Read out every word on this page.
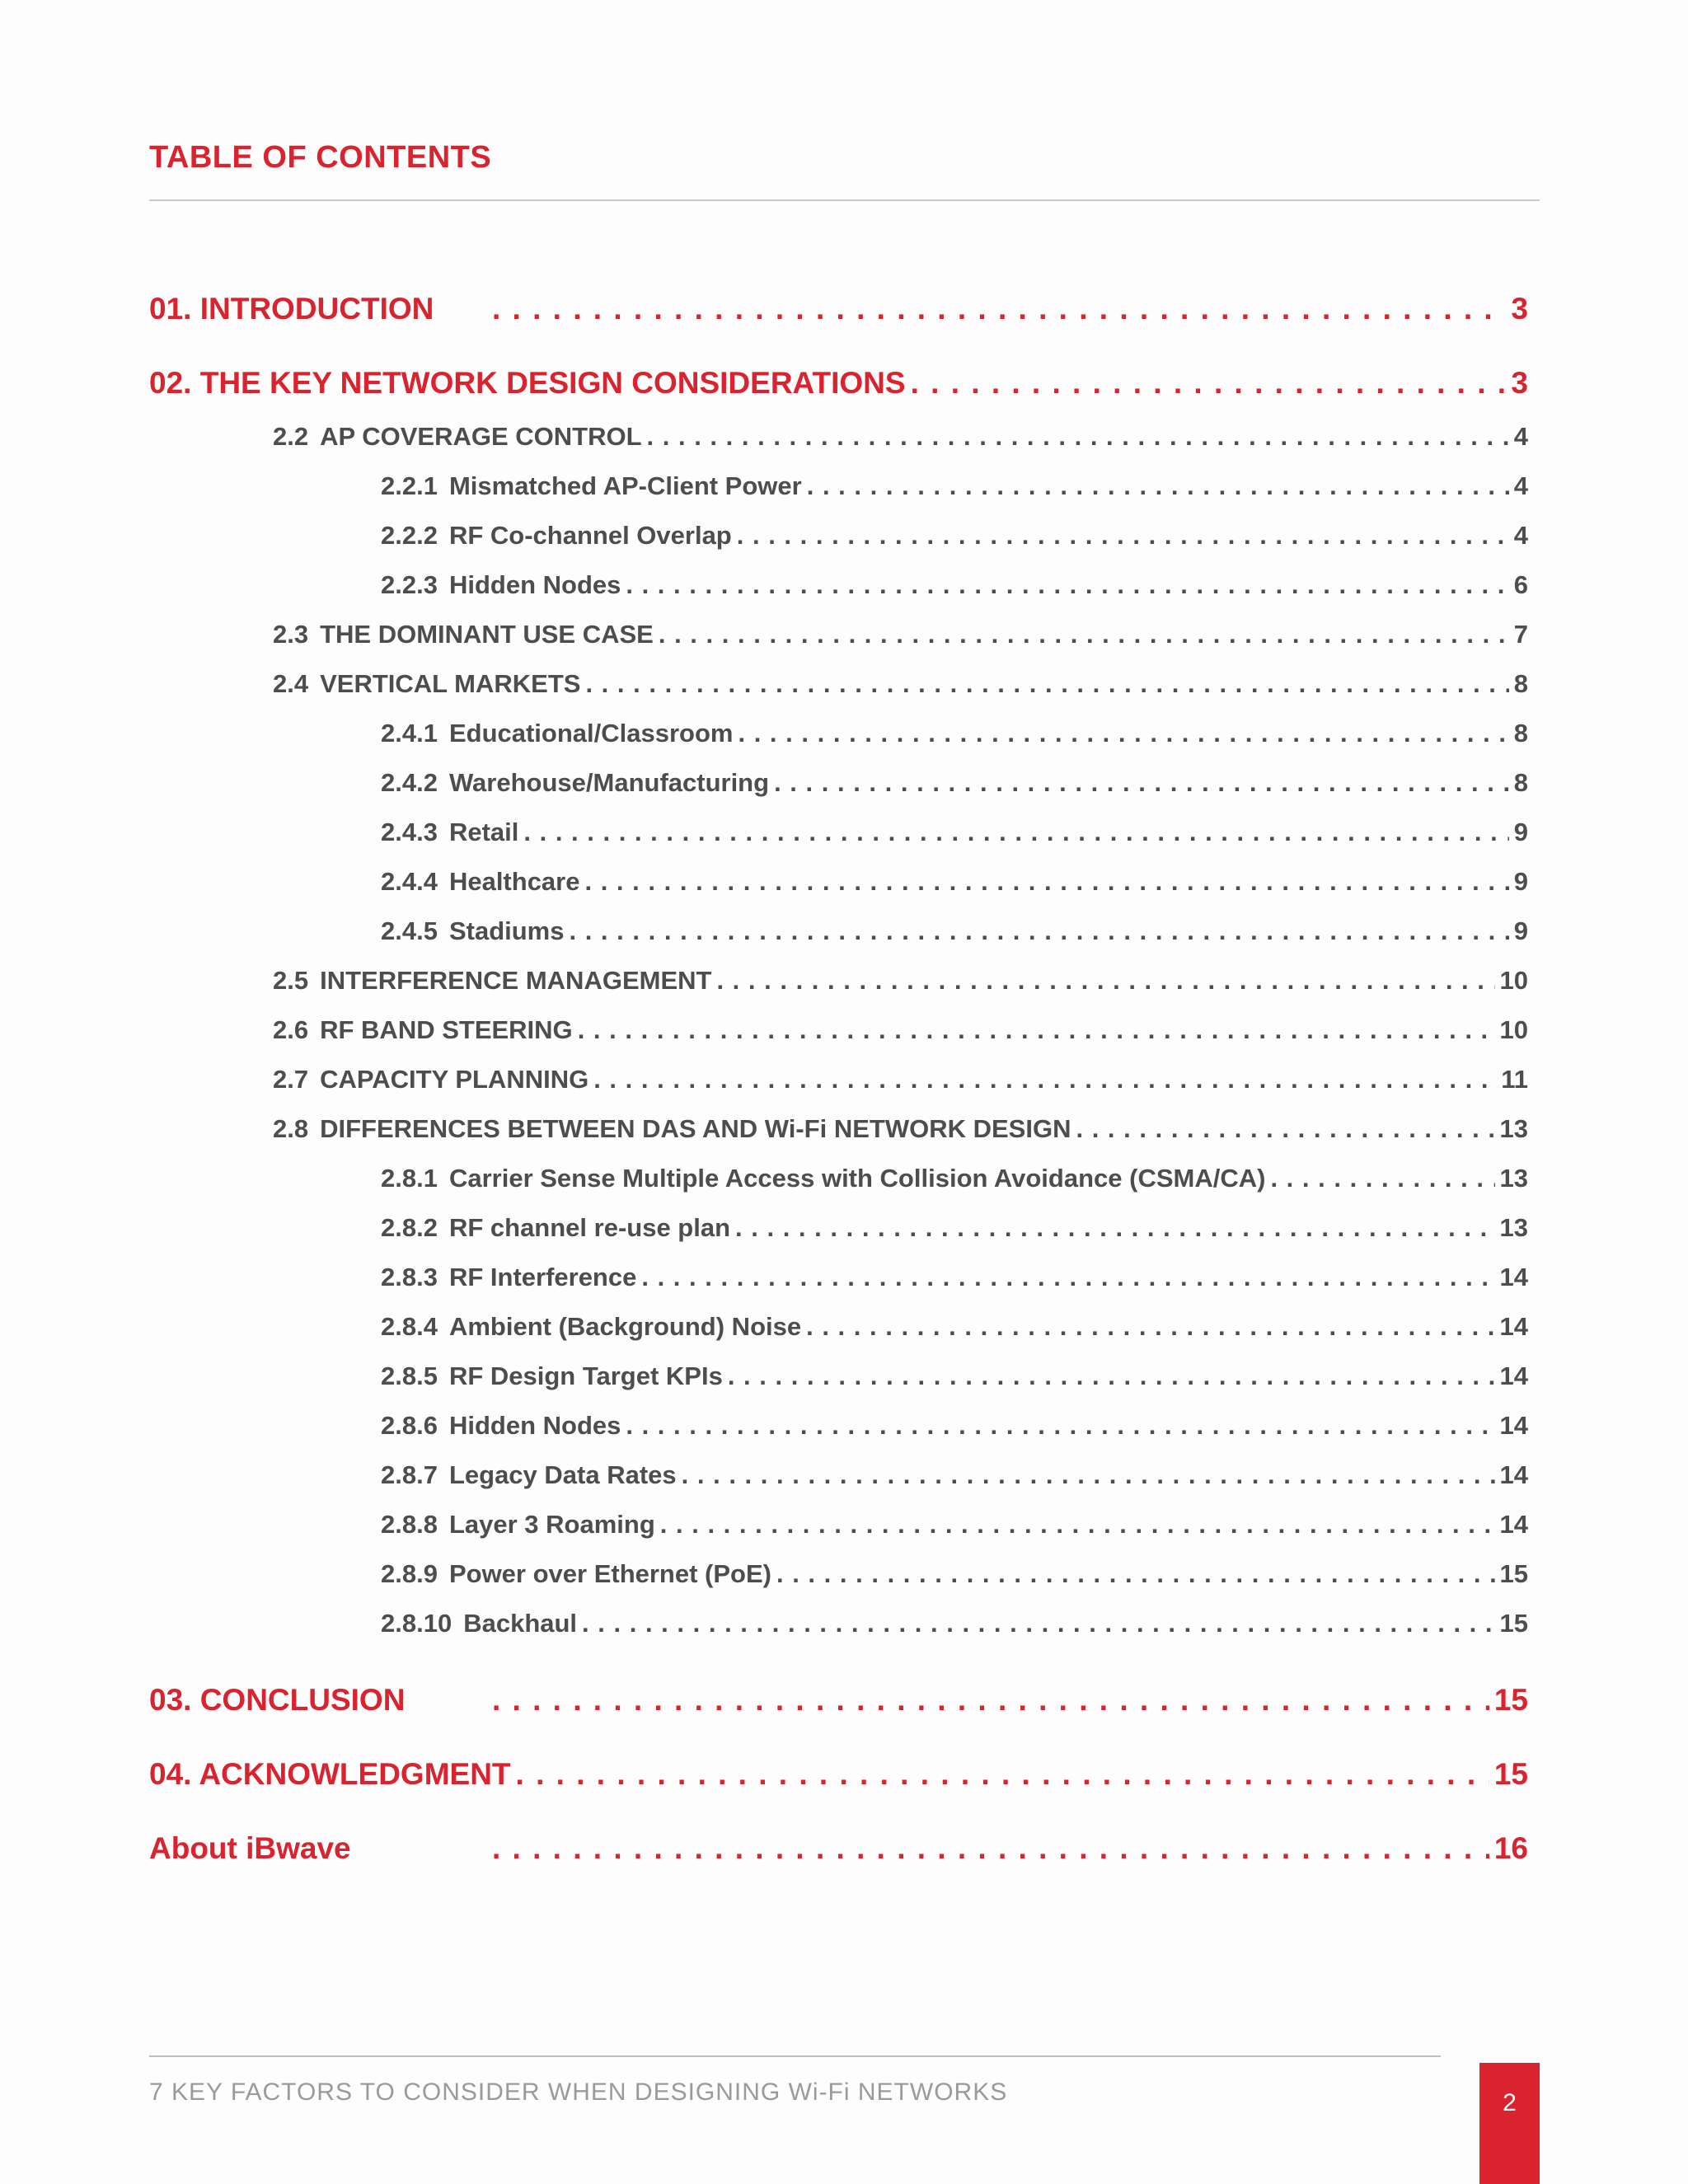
TABLE OF CONTENTS
01. INTRODUCTION . . .	3
02. THE KEY NETWORK DESIGN CONSIDERATIONS . . .	3
2.2 AP COVERAGE CONTROL . . .	4
2.2.1 Mismatched AP-Client Power . . .	4
2.2.2 RF Co-channel Overlap . . .	4
2.2.3 Hidden Nodes . . .	6
2.3 THE DOMINANT USE CASE . . .	7
2.4 VERTICAL MARKETS . . .	8
2.4.1 Educational/Classroom . . .	8
2.4.2 Warehouse/Manufacturing . . .	8
2.4.3 Retail . . .	9
2.4.4 Healthcare . . .	9
2.4.5 Stadiums . . .	9
2.5 INTERFERENCE MANAGEMENT . . .	10
2.6 RF BAND STEERING . . .	10
2.7 CAPACITY PLANNING . . .	11
2.8 DIFFERENCES BETWEEN DAS AND Wi-Fi NETWORK DESIGN . . .	13
2.8.1 Carrier Sense Multiple Access with Collision Avoidance (CSMA/CA) . . .	13
2.8.2 RF channel re-use plan . . .	13
2.8.3 RF Interference . . .	14
2.8.4 Ambient (Background) Noise . . .	14
2.8.5 RF Design Target KPIs . . .	14
2.8.6 Hidden Nodes . . .	14
2.8.7 Legacy Data Rates . . .	14
2.8.8 Layer 3 Roaming . . .	14
2.8.9 Power over Ethernet (PoE) . . .	15
2.8.10 Backhaul . . .	15
03. CONCLUSION . . .	15
04. ACKNOWLEDGMENT . . .	15
About iBwave . . .	16
7 KEY FACTORS TO CONSIDER WHEN DESIGNING Wi-Fi NETWORKS	2
